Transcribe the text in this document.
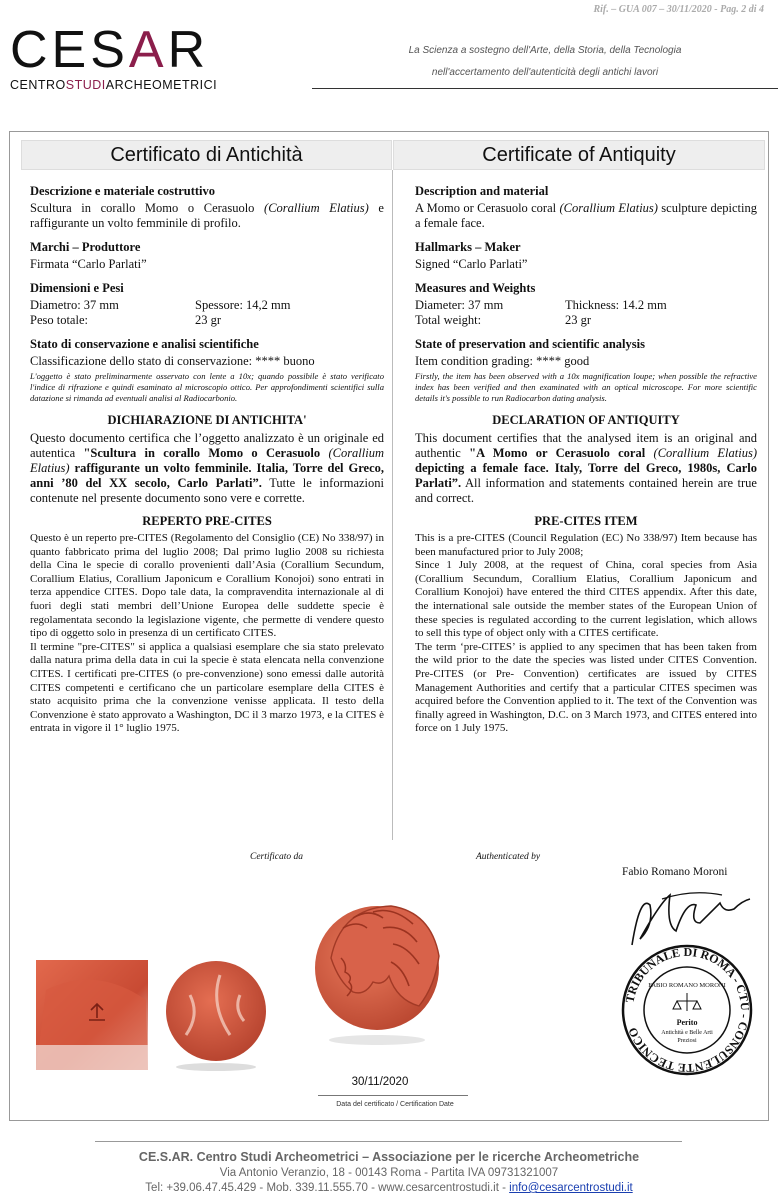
Rif. – GUA 007 – 30/11/2020 - Pag. 2 di 4
CESAR
CENTROSTUDIARCHEOMETRICI
La Scienza a sostegno dell'Arte, della Storia, della Tecnologia
nell'accertamento dell'autenticità degli antichi lavori
Certificato di Antichità	Certificate of Antiquity
Descrizione e materiale costruttivo
Scultura in corallo Momo o Cerasuolo (Corallium Elatius) e raffigurante un volto femminile di profilo.
Marchi – Produttore
Firmata “Carlo Parlati”
Dimensioni e Pesi
Diametro: 37 mm	Spessore: 14,2 mm
Peso totale:	23 gr
Stato di conservazione e analisi scientifiche
Classificazione dello stato di conservazione: **** buono
L'oggetto è stato preliminarmente osservato con lente a 10x; quando possibile è stato verificato l'indice di rifrazione e quindi esaminato al microscopio ottico. Per approfondimenti scientifici sulla datazione si rimanda ad eventuali analisi al Radiocarbonio.
DICHIARAZIONE DI ANTICHITA'
Questo documento certifica che l’oggetto analizzato è un originale ed autentica "Scultura in corallo Momo o Cerasuolo (Corallium Elatius) raffigurante un volto femminile. Italia, Torre del Greco, anni ’80 del XX secolo, Carlo Parlati”. Tutte le informazioni contenute nel presente documento sono vere e corrette.
REPERTO PRE-CITES
Questo è un reperto pre-CITES (Regolamento del Consiglio (CE) No 338/97) in quanto fabbricato prima del luglio 2008; Dal primo luglio 2008 su richiesta della Cina le specie di corallo provenienti dall’Asia (Corallium Secundum, Corallium Elatius, Corallium Japonicum e Corallium Konojoi) sono entrati in terza appendice CITES. Dopo tale data, la compravendita internazionale al di fuori degli stati membri dell’Unione Europea delle suddette specie è regolamentata secondo la legislazione vigente, che permette di vendere questo tipo di oggetto solo in presenza di un certificato CITES.
Il termine "pre-CITES" si applica a qualsiasi esemplare che sia stato prelevato dalla natura prima della data in cui la specie è stata elencata nella convenzione CITES. I certificati pre-CITES (o pre-convenzione) sono emessi dalle autorità CITES competenti e certificano che un particolare esemplare della CITES è stato acquisito prima che la convenzione venisse applicata. Il testo della Convenzione è stato approvato a Washington, DC il 3 marzo 1973, e la CITES è entrata in vigore il 1° luglio 1975.
Description and material
A Momo or Cerasuolo coral (Corallium Elatius) sculpture depicting a female face.
Hallmarks – Maker
Signed “Carlo Parlati”
Measures and Weights
Diameter: 37 mm	Thickness: 14.2 mm
Total weight:	23 gr
State of preservation and scientific analysis
Item condition grading: **** good
Firstly, the item has been observed with a 10x magnification loupe; when possible the refractive index has been verified and then examinated with an optical microscope. For more scientific details it's possible to run Radiocarbon dating analysis.
DECLARATION OF ANTIQUITY
This document certifies that the analysed item is an original and authentic "A Momo or Cerasuolo coral (Corallium Elatius) depicting a female face. Italy, Torre del Greco, 1980s, Carlo Parlati”. All information and statements contained herein are true and correct.
PRE-CITES ITEM
This is a pre-CITES (Council Regulation (EC) No 338/97) Item because has been manufactured prior to July 2008;
Since 1 July 2008, at the request of China, coral species from Asia (Corallium Secundum, Corallium Elatius, Corallium Japonicum and Corallium Konojoi) have entered the third CITES appendix. After this date, the international sale outside the member states of the European Union of these species is regulated according to the current legislation, which allows to sell this type of object only with a CITES certificate.
The term ‘pre-CITES’ is applied to any specimen that has been taken from the wild prior to the date the species was listed under CITES Convention. Pre-CITES (or Pre- Convention) certificates are issued by CITES Management Authorities and certify that a particular CITES specimen was acquired before the Convention applied to it. The text of the Convention was finally agreed in Washington, D.C. on 3 March 1973, and CITES entered into force on 1 July 1975.
Certificato da	Authenticated by
Fabio Romano Moroni
TRIBUNALE DI ROMA - CTU - CONSULENTE TECNICO
FABIO ROMANO MORONI
Perito
Antichità e Belle Arti
Preziosi
30/11/2020
Data del certificato / Certification Date
CE.S.AR. Centro Studi Archeometrici – Associazione per le ricerche Archeometriche
Via Antonio Veranzio, 18 - 00143 Roma - Partita IVA 09731321007
Tel: +39.06.47.45.429 - Mob. 339.11.555.70 - www.cesarcentrostudi.it - info@cesarcentrostudi.it
